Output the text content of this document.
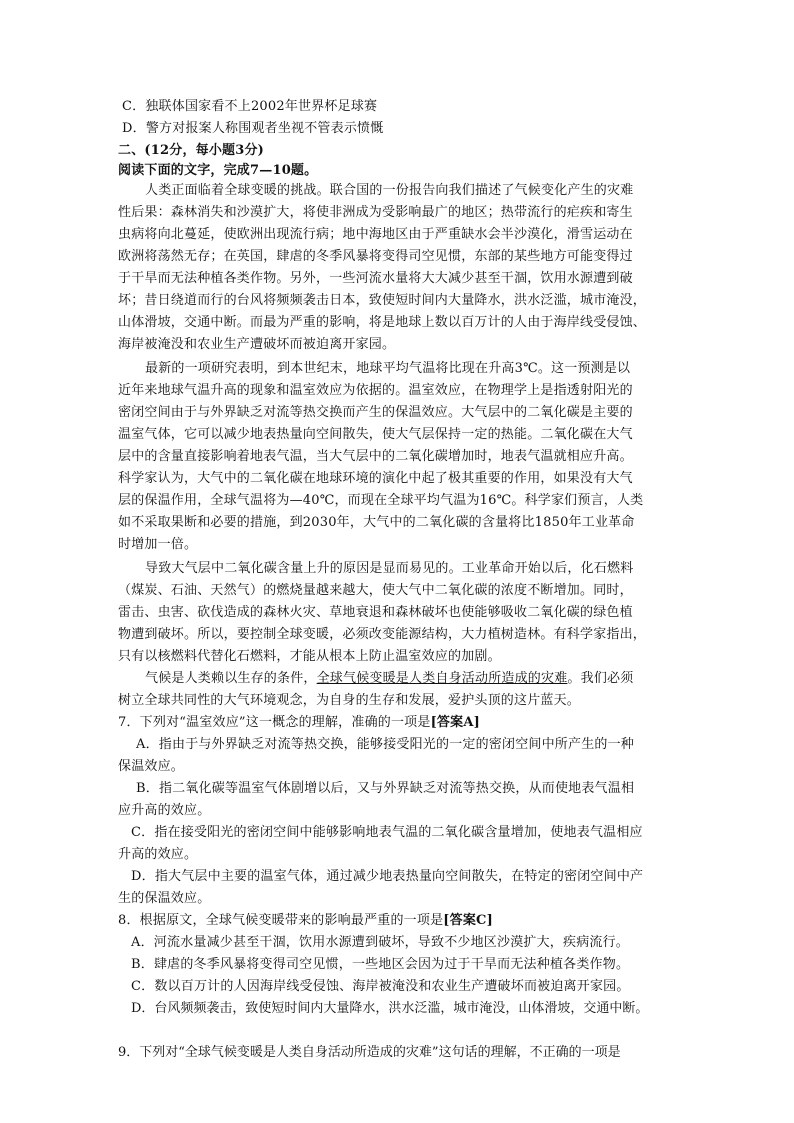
C．独联体国家看不上2002年世界杯足球赛
D．警方对报案人称围观者坐视不管表示愤慨
二、(12分，每小题3分)
阅读下面的文字，完成7—10题。
人类正面临着全球变暖的挑战。联合国的一份报告向我们描述了气候变化产生的灾难
性后果：森林消失和沙漠扩大，将使非洲成为受影响最广的地区；热带流行的疟疾和寄生
虫病将向北蔓延，使欧洲出现流行病；地中海地区由于严重缺水会半沙漠化，滑雪运动在
欧洲将荡然无存；在英国，肆虐的冬季风暴将变得司空见惯，东部的某些地方可能变得过
于干旱而无法种植各类作物。另外，一些河流水量将大大减少甚至干涸，饮用水源遭到破
坏；昔日绕道而行的台风将频频袭击日本，致使短时间内大量降水，洪水泛滥，城市淹没，
山体滑坡，交通中断。而最为严重的影响，将是地球上数以百万计的人由于海岸线受侵蚀、
海岸被淹没和农业生产遭破坏而被迫离开家园。
最新的一项研究表明，到本世纪末，地球平均气温将比现在升高3℃。这一预测是以
近年来地球气温升高的现象和温室效应为依据的。温室效应，在物理学上是指透射阳光的
密闭空间由于与外界缺乏对流等热交换而产生的保温效应。大气层中的二氧化碳是主要的
温室气体，它可以减少地表热量向空间散失，使大气层保持一定的热能。二氧化碳在大气
层中的含量直接影响着地表气温，当大气层中的二氧化碳增加时，地表气温就相应升高。
科学家认为，大气中的二氧化碳在地球环境的演化中起了极其重要的作用，如果没有大气
层的保温作用，全球气温将为—40℃，而现在全球平均气温为16℃。科学家们预言，人类
如不采取果断和必要的措施，到2030年，大气中的二氧化碳的含量将比1850年工业革命
时增加一倍。
导致大气层中二氧化碳含量上升的原因是显而易见的。工业革命开始以后，化石燃料
（煤炭、石油、天然气）的燃烧量越来越大，使大气中二氧化碳的浓度不断增加。同时，
雷击、虫害、砍伐造成的森林火灾、草地衰退和森林破坏也使能够吸收二氧化碳的绿色植
物遭到破坏。所以，要控制全球变暖，必须改变能源结构，大力植树造林。有科学家指出，
只有以核燃料代替化石燃料，才能从根本上防止温室效应的加剧。
气候是人类赖以生存的条件，全球气候变暖是人类自身活动所造成的灾难。我们必须
树立全球共同性的大气环境观念，为自身的生存和发展，爱护头顶的这片蓝天。
7．下列对“温室效应”这一概念的理解，准确的一项是[答案A]
A．指由于与外界缺乏对流等热交换，能够接受阳光的一定的密闭空间中所产生的一种
保温效应。
B．指二氧化碳等温室气体剧增以后，又与外界缺乏对流等热交换，从而使地表气温相
应升高的效应。
C．指在接受阳光的密闭空间中能够影响地表气温的二氧化碳含量增加，使地表气温相应
升高的效应。
D．指大气层中主要的温室气体，通过减少地表热量向空间散失，在特定的密闭空间中产
生的保温效应。
8．根据原文，全球气候变暖带来的影响最严重的一项是[答案C]
A．河流水量减少甚至干涸，饮用水源遭到破坏，导致不少地区沙漠扩大，疾病流行。
B．肆虐的冬季风暴将变得司空见惯，一些地区会因为过于干旱而无法种植各类作物。
C．数以百万计的人因海岸线受侵蚀、海岸被淹没和农业生产遭破坏而被迫离开家园。
D．台风频频袭击，致使短时间内大量降水，洪水泛滥，城市淹没，山体滑坡，交通中断。
9．下列对“全球气候变暖是人类自身活动所造成的灾难”这句话的理解，不正确的一项是
